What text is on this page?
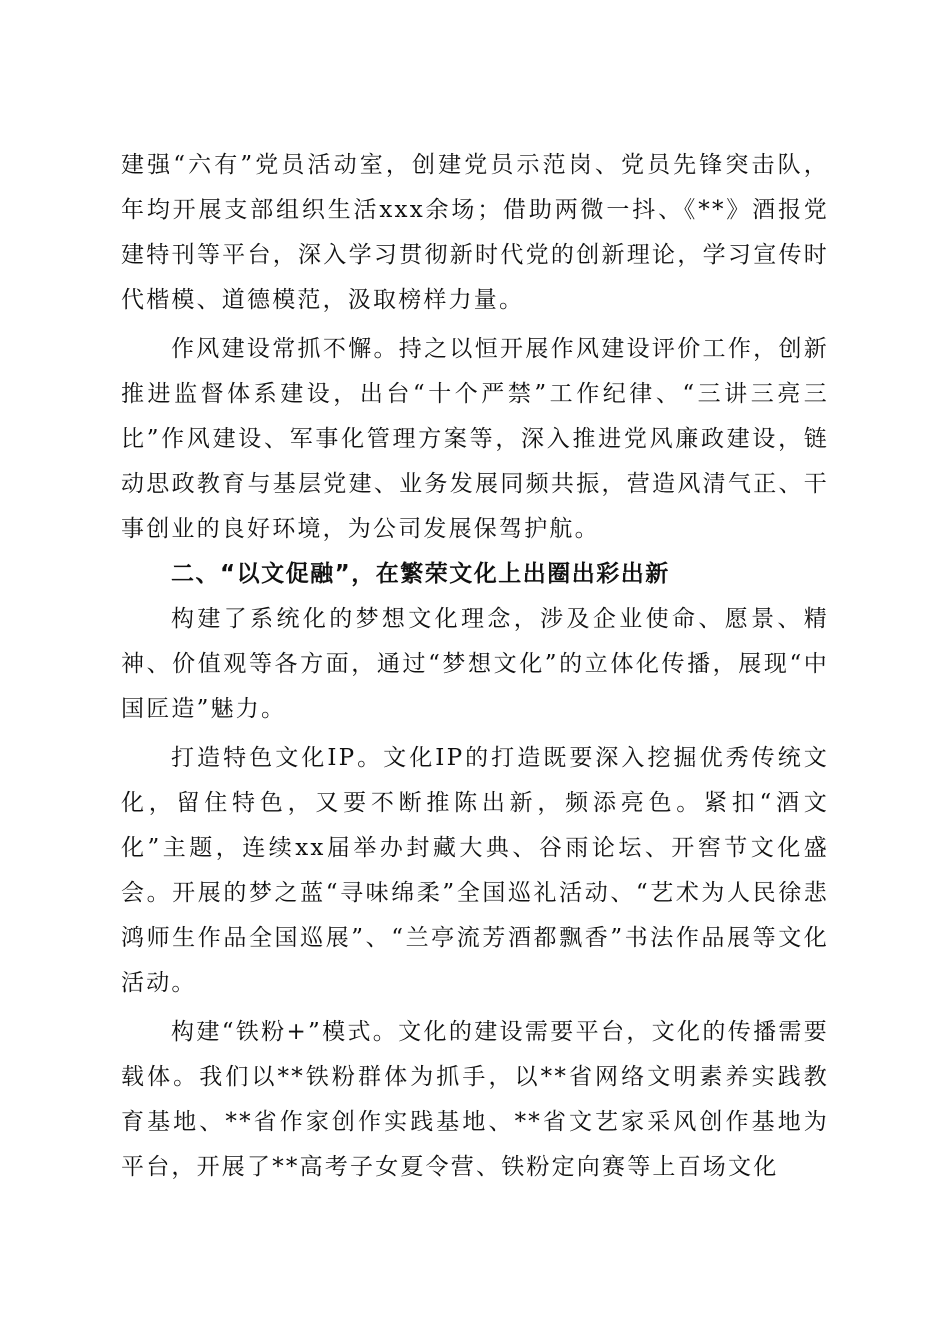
建强“六有”党员活动室，创建党员示范岗、党员先锋突击队，年均开展支部组织生活xxx余场；借助两微一抖、《**》酒报党建特刊等平台，深入学习贯彻新时代党的创新理论，学习宣传时代楷模、道德模范，汲取榜样力量。

作风建设常抓不懈。持之以恒开展作风建设评价工作，创新推进监督体系建设，出台“十个严禁”工作纪律、“三讲三亮三比”作风建设、军事化管理方案等，深入推进党风廉政建设，链动思政教育与基层党建、业务发展同频共振，营造风清气正、干事创业的良好环境，为公司发展保驾护航。

二、“以文促融”，在繁荣文化上出圈出彩出新

构建了系统化的梦想文化理念，涉及企业使命、愿景、精神、价值观等各方面，通过“梦想文化”的立体化传播，展现“中国匠造”魅力。

打造特色文化IP。文化IP的打造既要深入挖掘优秀传统文化，留住特色，又要不断推陈出新，频添亮色。紧扣“酒文化”主题，连续xx届举办封藏大典、谷雨论坛、开窖节文化盛会。开展的梦之蓝“寻味绵柔”全国巡礼活动、“艺术为人民徐悲鸿师生作品全国巡展”、“兰亭流芳酒都飘香”书法作品展等文化活动。

构建“铁粉+”模式。文化的建设需要平台，文化的传播需要载体。我们以**铁粉群体为抓手，以**省网络文明素养实践教育基地、**省作家创作实践基地、**省文艺家采风创作基地为平台，开展了**高考子女夏令营、铁粉定向赛等上百场文化
